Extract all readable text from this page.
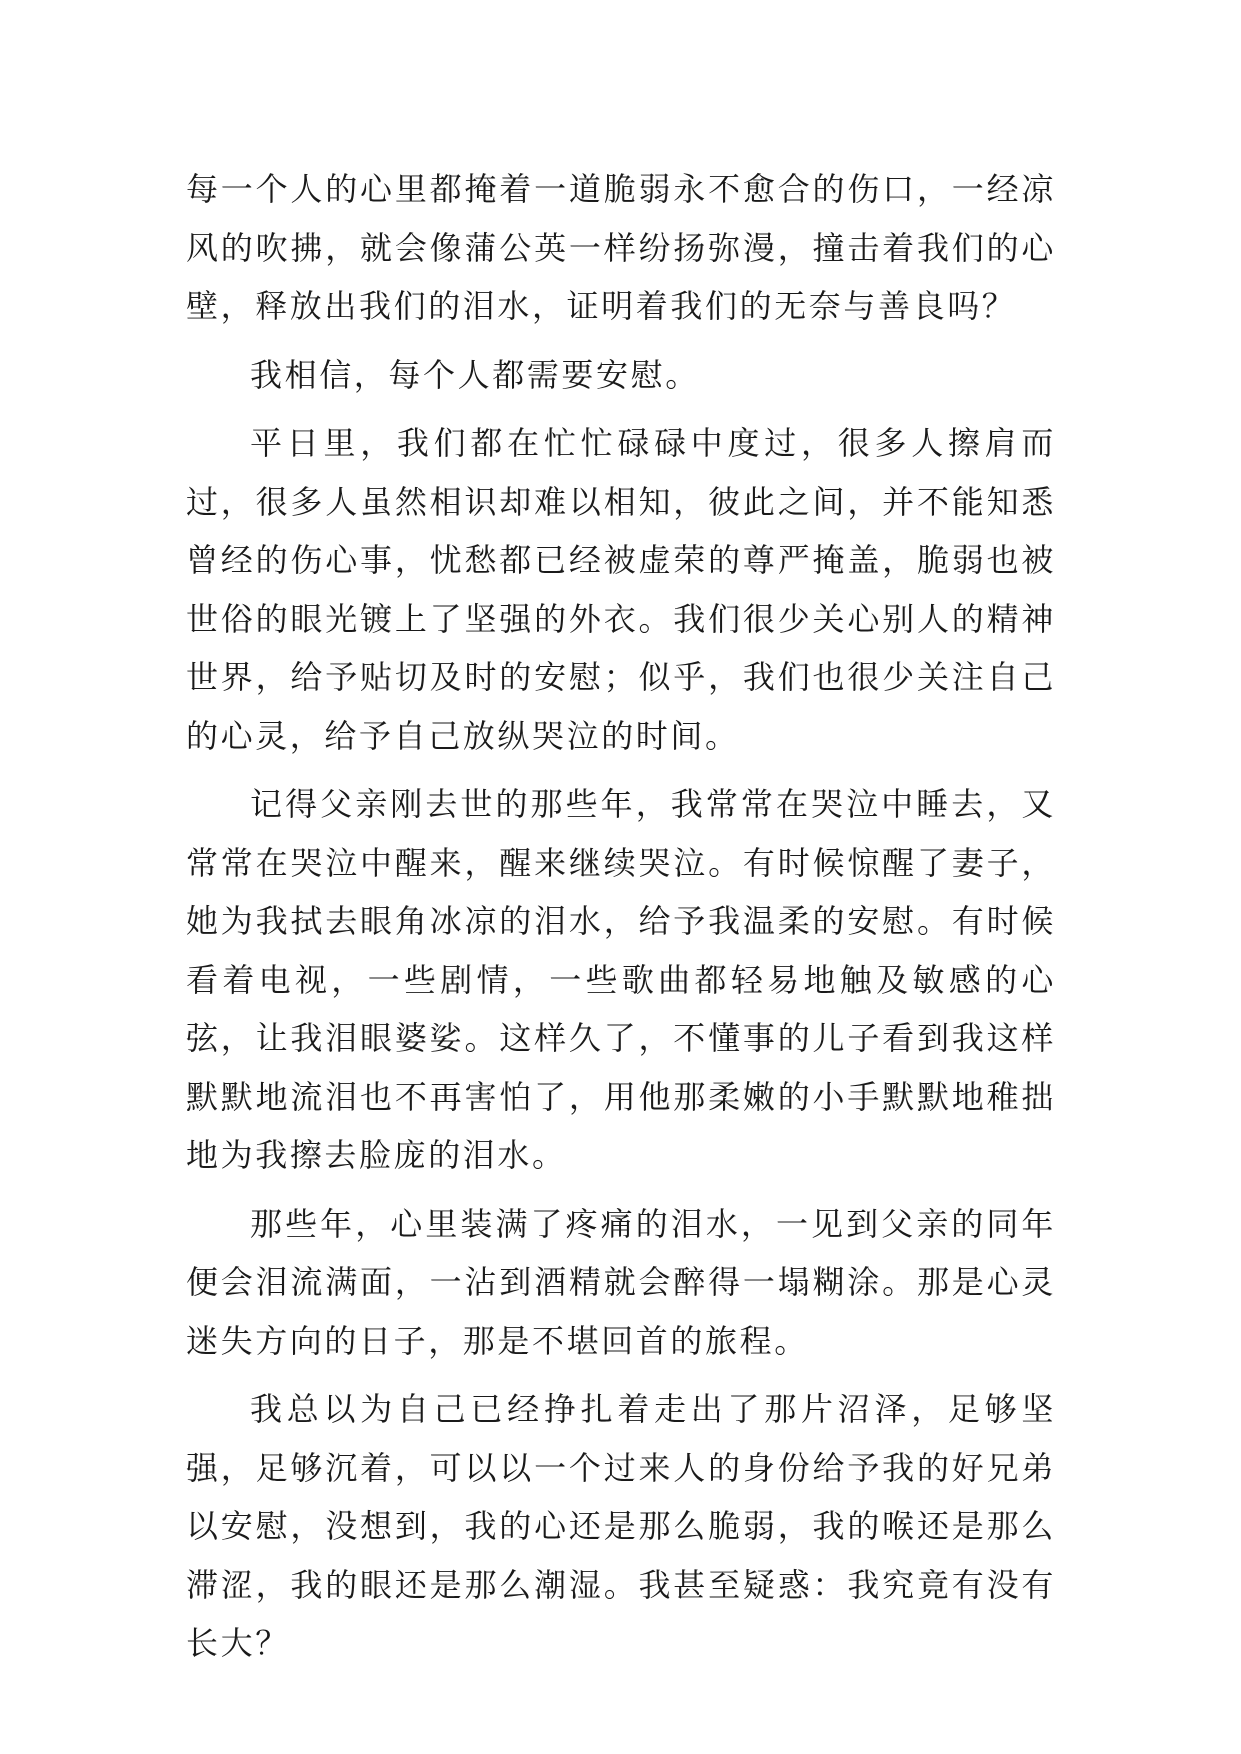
每一个人的心里都掩着一道脆弱永不愈合的伤口，一经凉风的吹拂，就会像蒲公英一样纷扬弥漫，撞击着我们的心壁，释放出我们的泪水，证明着我们的无奈与善良吗？

我相信，每个人都需要安慰。

平日里，我们都在忙忙碌碌中度过，很多人擦肩而过，很多人虽然相识却难以相知，彼此之间，并不能知悉曾经的伤心事，忧愁都已经被虚荣的尊严掩盖，脆弱也被世俗的眼光镀上了坚强的外衣。我们很少关心别人的精神世界，给予贴切及时的安慰；似乎，我们也很少关注自己的心灵，给予自己放纵哭泣的时间。

记得父亲刚去世的那些年，我常常在哭泣中睡去，又常常在哭泣中醒来，醒来继续哭泣。有时候惊醒了妻子，她为我拭去眼角冰凉的泪水，给予我温柔的安慰。有时候看着电视，一些剧情，一些歌曲都轻易地触及敏感的心弦，让我泪眼婆娑。这样久了，不懂事的儿子看到我这样默默地流泪也不再害怕了，用他那柔嫩的小手默默地稚拙地为我擦去脸庞的泪水。

那些年，心里装满了疼痛的泪水，一见到父亲的同年便会泪流满面，一沾到酒精就会醉得一塌糊涂。那是心灵迷失方向的日子，那是不堪回首的旅程。

我总以为自己已经挣扎着走出了那片沼泽，足够坚强，足够沉着，可以以一个过来人的身份给予我的好兄弟以安慰，没想到，我的心还是那么脆弱，我的喉还是那么滞涩，我的眼还是那么潮湿。我甚至疑惑：我究竟有没有长大？
